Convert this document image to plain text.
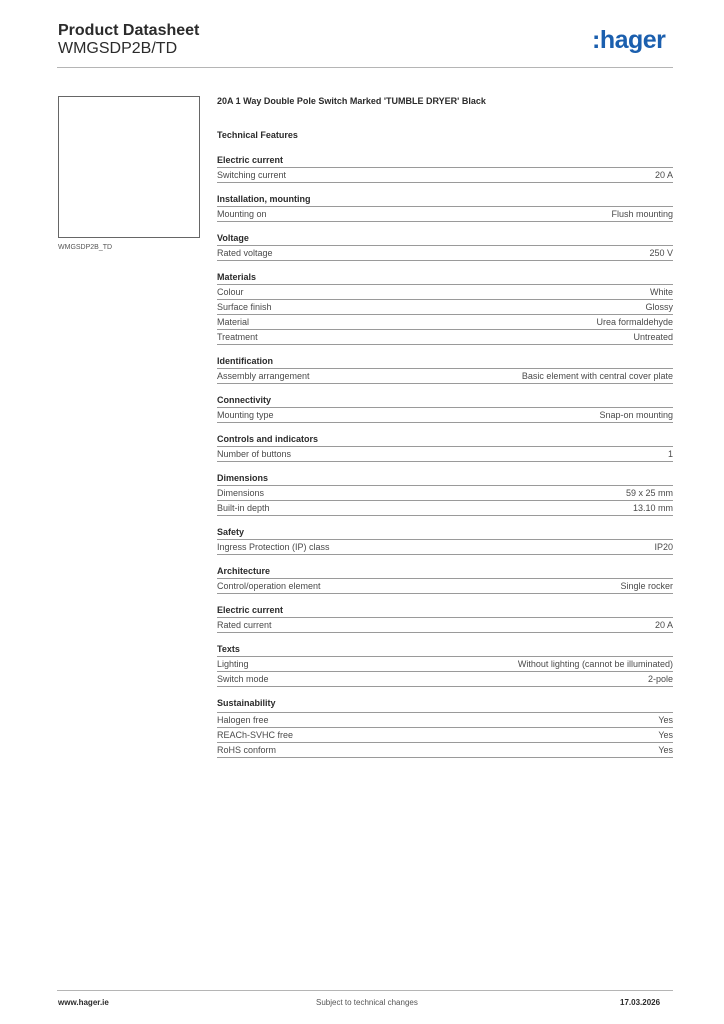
Product Datasheet
WMGSDP2B/TD	:hager
WMGSDP2B_TD
20A 1 Way Double Pole Switch Marked 'TUMBLE DRYER' Black
Technical Features
Electric current
Switching current	20 A
Installation, mounting
Mounting on	Flush mounting
Voltage
Rated voltage	250 V
Materials
Colour	White
Surface finish	Glossy
Material	Urea formaldehyde
Treatment	Untreated
Identification
Assembly arrangement	Basic element with central cover plate
Connectivity
Mounting type	Snap-on mounting
Controls and indicators
Number of buttons	1
Dimensions
Dimensions	59 x 25 mm
Built-in depth	13.10 mm
Safety
Ingress Protection (IP) class	IP20
Architecture
Control/operation element	Single rocker
Electric current
Rated current	20 A
Texts
Lighting	Without lighting (cannot be illuminated)
Switch mode	2-pole
Sustainability
Halogen free	Yes
REACh-SVHC free	Yes
RoHS conform	Yes
www.hager.ie	Subject to technical changes	17.03.2026
